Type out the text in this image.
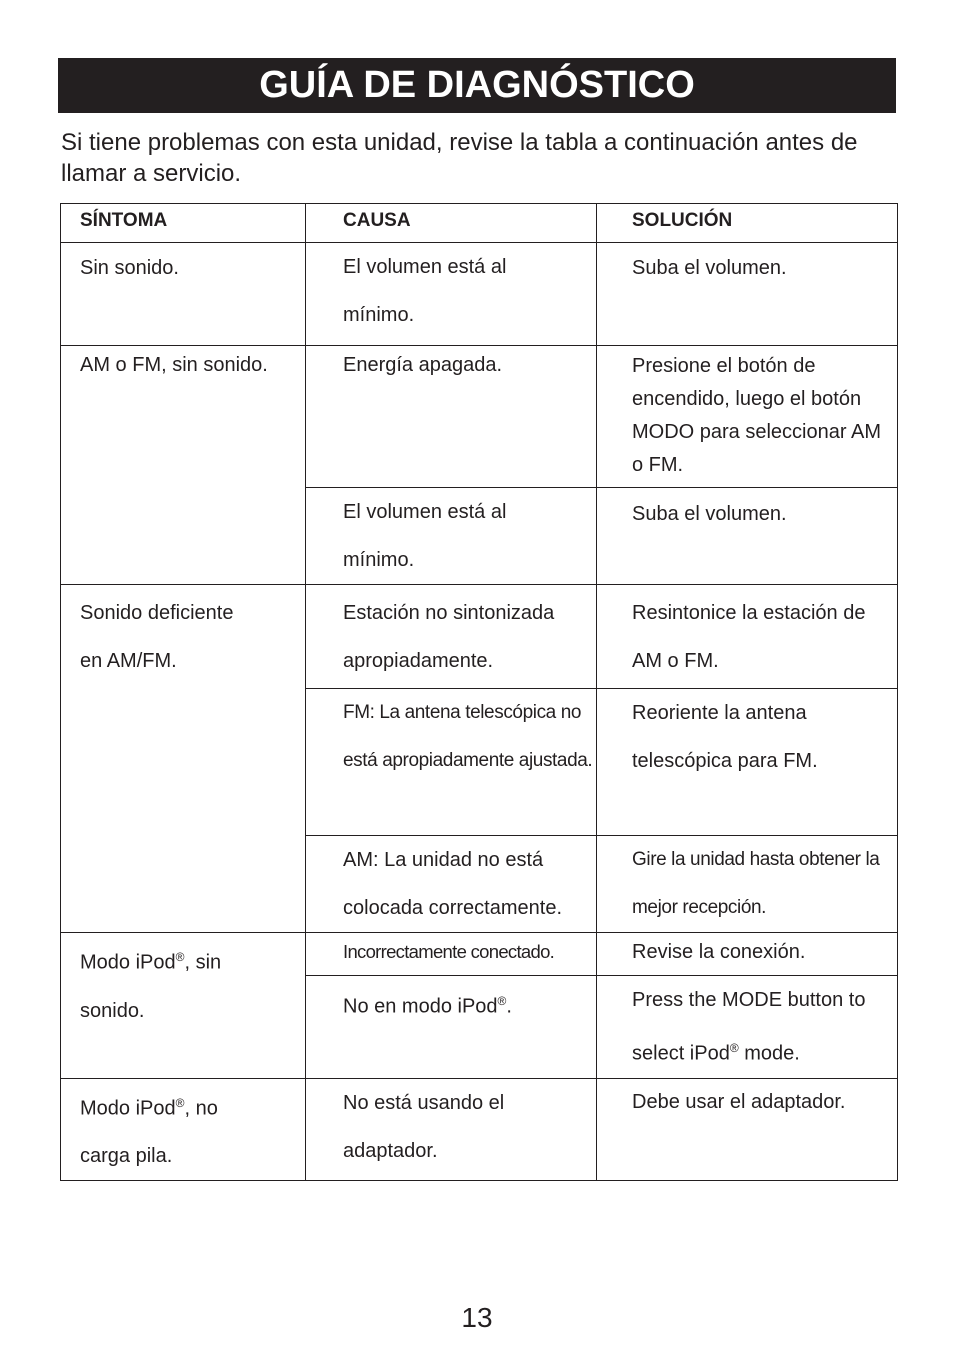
GUÍA DE DIAGNÓSTICO
Si tiene problemas con esta unidad, revise la tabla a continuación antes de llamar a servicio.
SÍNTOMA	CAUSA	SOLUCIÓN

Sin sonido.	El volumen está al mínimo.	Suba el volumen.

AM o FM, sin sonido.	Energía apagada.	Presione el botón de encendido, luego el botón MODO para seleccionar AM o FM.

	El volumen está al mínimo.	Suba el volumen.

Sonido deficiente en AM/FM.	Estación no sintonizada apropiadamente.	Resintonice la estación de AM o FM.

	FM: La antena telescópica no está apropiadamente ajustada.	Reoriente la antena telescópica para FM.

	AM: La unidad no está colocada correctamente.	Gire la unidad hasta obtener la mejor recepción.

Modo iPod®, sin sonido.	Incorrectamente conectado.	Revise la conexión.

	No en modo iPod®.	Press the MODE button to select iPod® mode.

Modo iPod®, no carga pila.	No está usando el adaptador.	Debe usar el adaptador.
13
